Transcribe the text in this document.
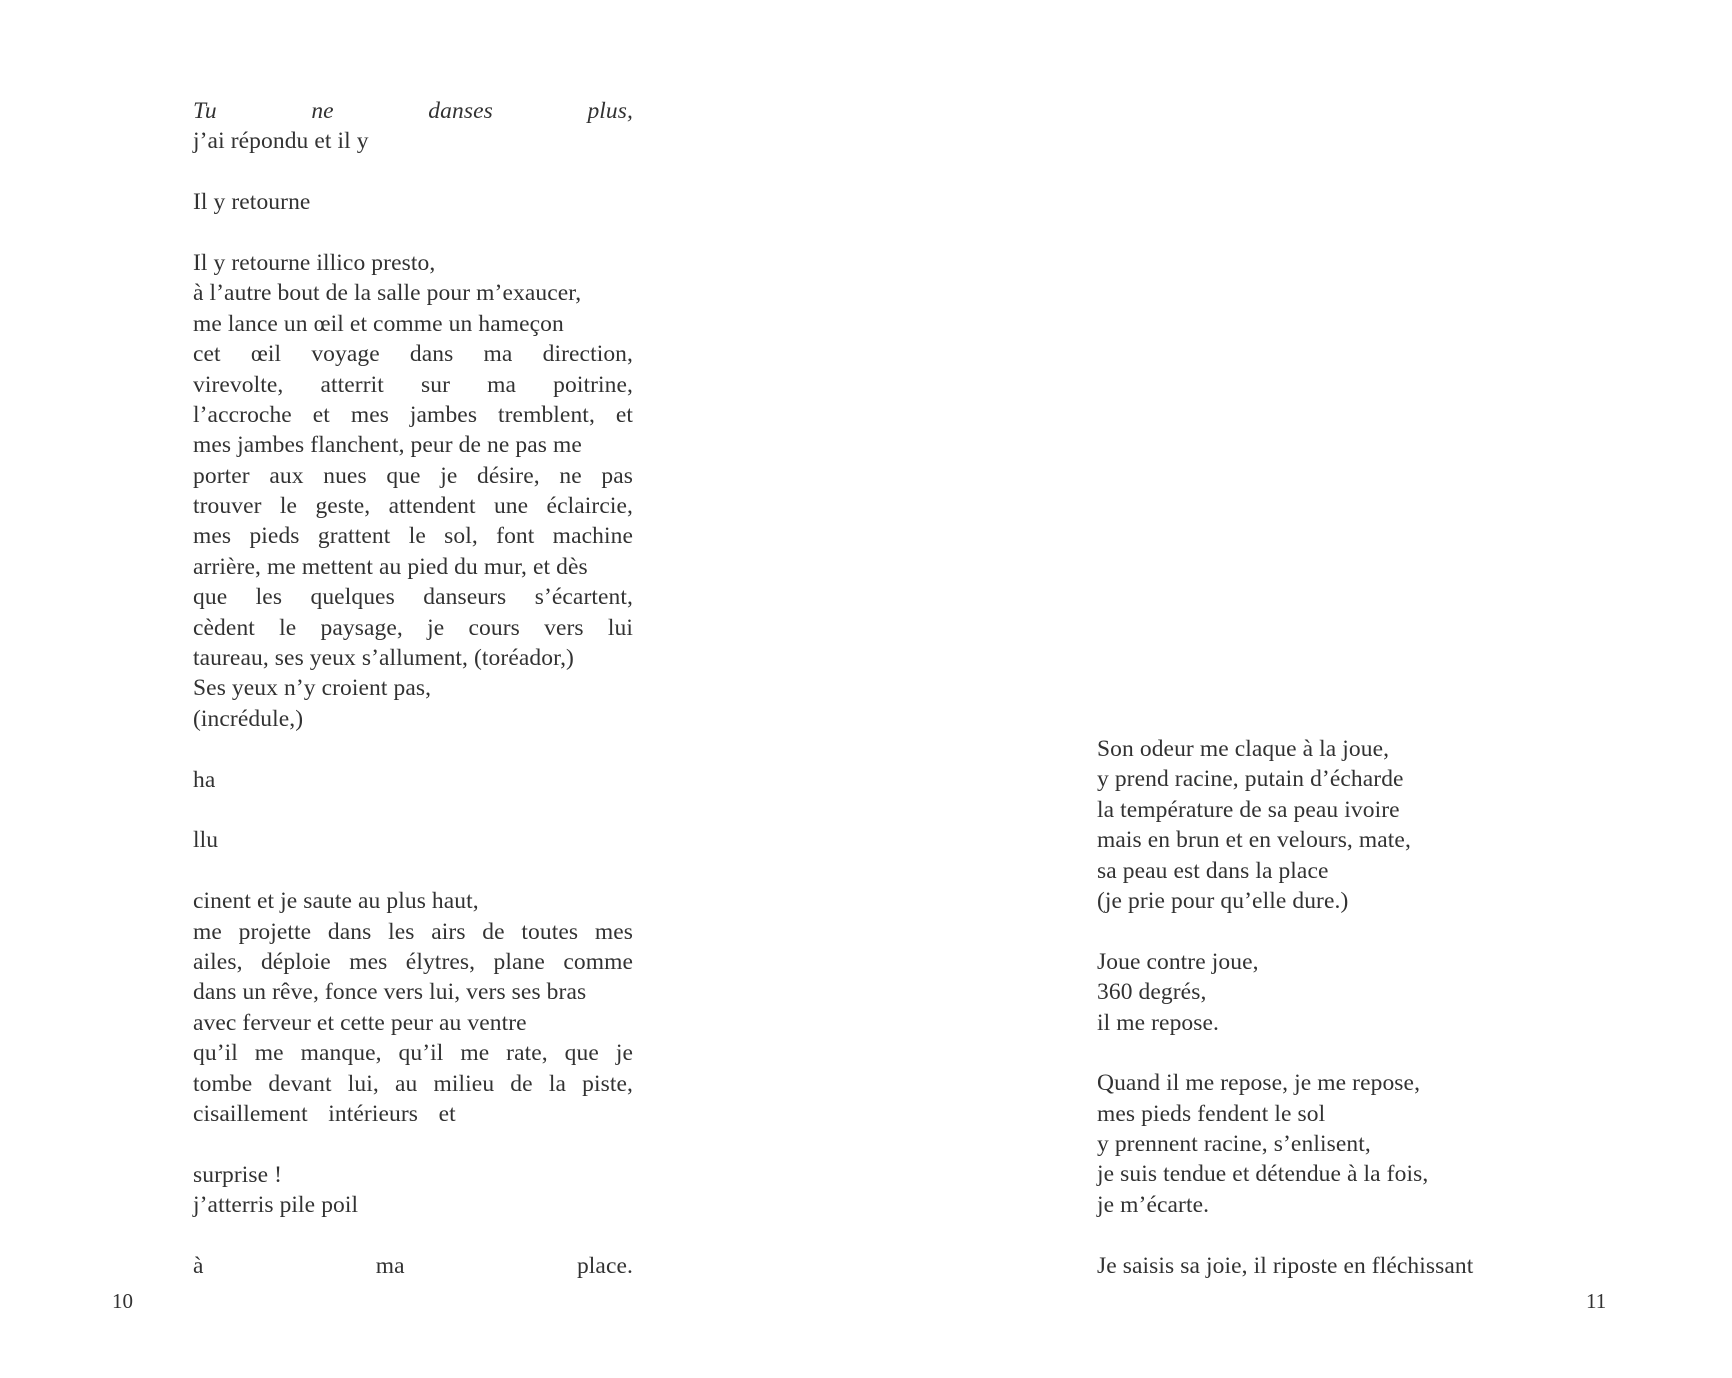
Tu ne danses plus,
j’ai répondu et il y

Il y retourne

Il y retourne illico presto,
à l’autre bout de la salle pour m’exaucer,
me lance un œil et comme un hameçon
cet œil voyage dans ma direction,
virevolte, atterrit sur ma poitrine,
l’accroche et mes jambes tremblent, et
mes jambes flanchent, peur de ne pas me
porter aux nues que je désire, ne pas
trouver le geste, attendent une éclaircie,
mes pieds grattent le sol, font machine
arrière, me mettent au pied du mur, et dès
que les quelques danseurs s’écartent,
cèdent le paysage, je cours vers lui
taureau, ses yeux s’allument, (toréador,)
Ses yeux n’y croient pas,
(incrédule,)

ha

llu

cinent et je saute au plus haut,
me projette dans les airs de toutes mes
ailes, déploie mes élytres, plane comme
dans un rêve, fonce vers lui, vers ses bras
avec ferveur et cette peur au ventre
qu’il me manque, qu’il me rate, que je
tombe devant lui, au milieu de la piste,
cisaillement intérieurs et

surprise !
j’atterris pile poil

à ma place.
Son odeur me claque à la joue,
y prend racine, putain d’écharde
la température de sa peau ivoire
mais en brun et en velours, mate,
sa peau est dans la place
(je prie pour qu’elle dure.)

Joue contre joue,
360 degrés,
il me repose.

Quand il me repose, je me repose,
mes pieds fendent le sol
y prennent racine, s’enlisent,
je suis tendue et détendue à la fois,
je m’écarte.

Je saisis sa joie, il riposte en fléchissant
11
10
